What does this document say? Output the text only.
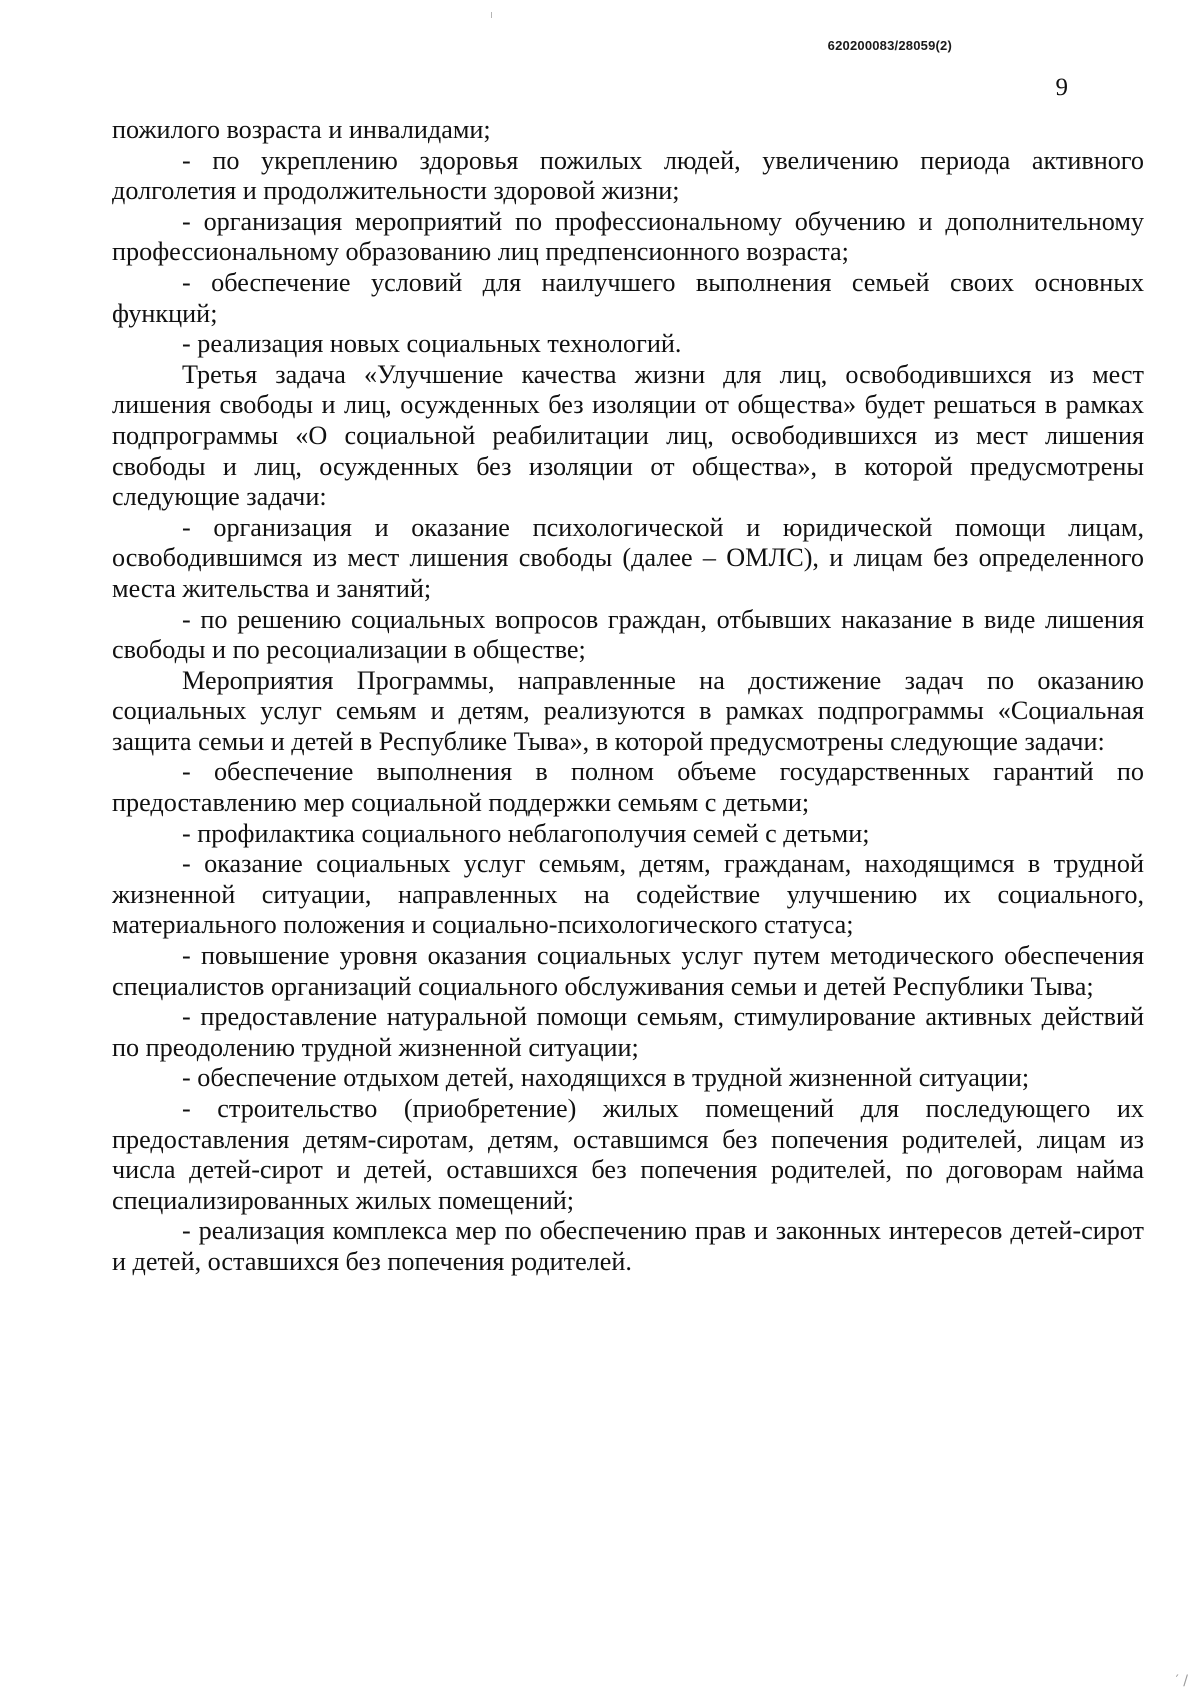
620200083/28059(2)
9

пожилого возраста и инвалидами;

- по укреплению здоровья пожилых людей, увеличению периода активного долголетия и продолжительности здоровой жизни;

- организация мероприятий по профессиональному обучению и дополнительному профессиональному образованию лиц предпенсионного возраста;

- обеспечение условий для наилучшего выполнения семьей своих основных функций;

- реализация новых социальных технологий.

Третья задача «Улучшение качества жизни для лиц, освободившихся из мест лишения свободы и лиц, осужденных без изоляции от общества» будет решаться в рамках подпрограммы «О социальной реабилитации лиц, освободившихся из мест лишения свободы и лиц, осужденных без изоляции от общества», в которой предусмотрены следующие задачи:

- организация и оказание психологической и юридической помощи лицам, освободившимся из мест лишения свободы (далее – ОМЛС), и лицам без определенного места жительства и занятий;

- по решению социальных вопросов граждан, отбывших наказание в виде лишения свободы и по ресоциализации в обществе;

Мероприятия Программы, направленные на достижение задач по оказанию социальных услуг семьям и детям, реализуются в рамках подпрограммы «Социальная защита семьи и детей в Республике Тыва», в которой предусмотрены следующие задачи:

- обеспечение выполнения в полном объеме государственных гарантий по предоставлению мер социальной поддержки семьям с детьми;

- профилактика социального неблагополучия семей с детьми;

- оказание социальных услуг семьям, детям, гражданам, находящимся в трудной жизненной ситуации, направленных на содействие улучшению их социального, материального положения и социально-психологического статуса;

- повышение уровня оказания социальных услуг путем методического обеспечения специалистов организаций социального обслуживания семьи и детей Республики Тыва;

- предоставление натуральной помощи семьям, стимулирование активных действий по преодолению трудной жизненной ситуации;

- обеспечение отдыхом детей, находящихся в трудной жизненной ситуации;

- строительство (приобретение) жилых помещений для последующего их предоставления детям-сиротам, детям, оставшимся без попечения родителей, лицам из числа детей-сирот и детей, оставшихся без попечения родителей, по договорам найма специализированных жилых помещений;

- реализация комплекса мер по обеспечению прав и законных интересов детей-сирот и детей, оставшихся без попечения родителей.

′ /
